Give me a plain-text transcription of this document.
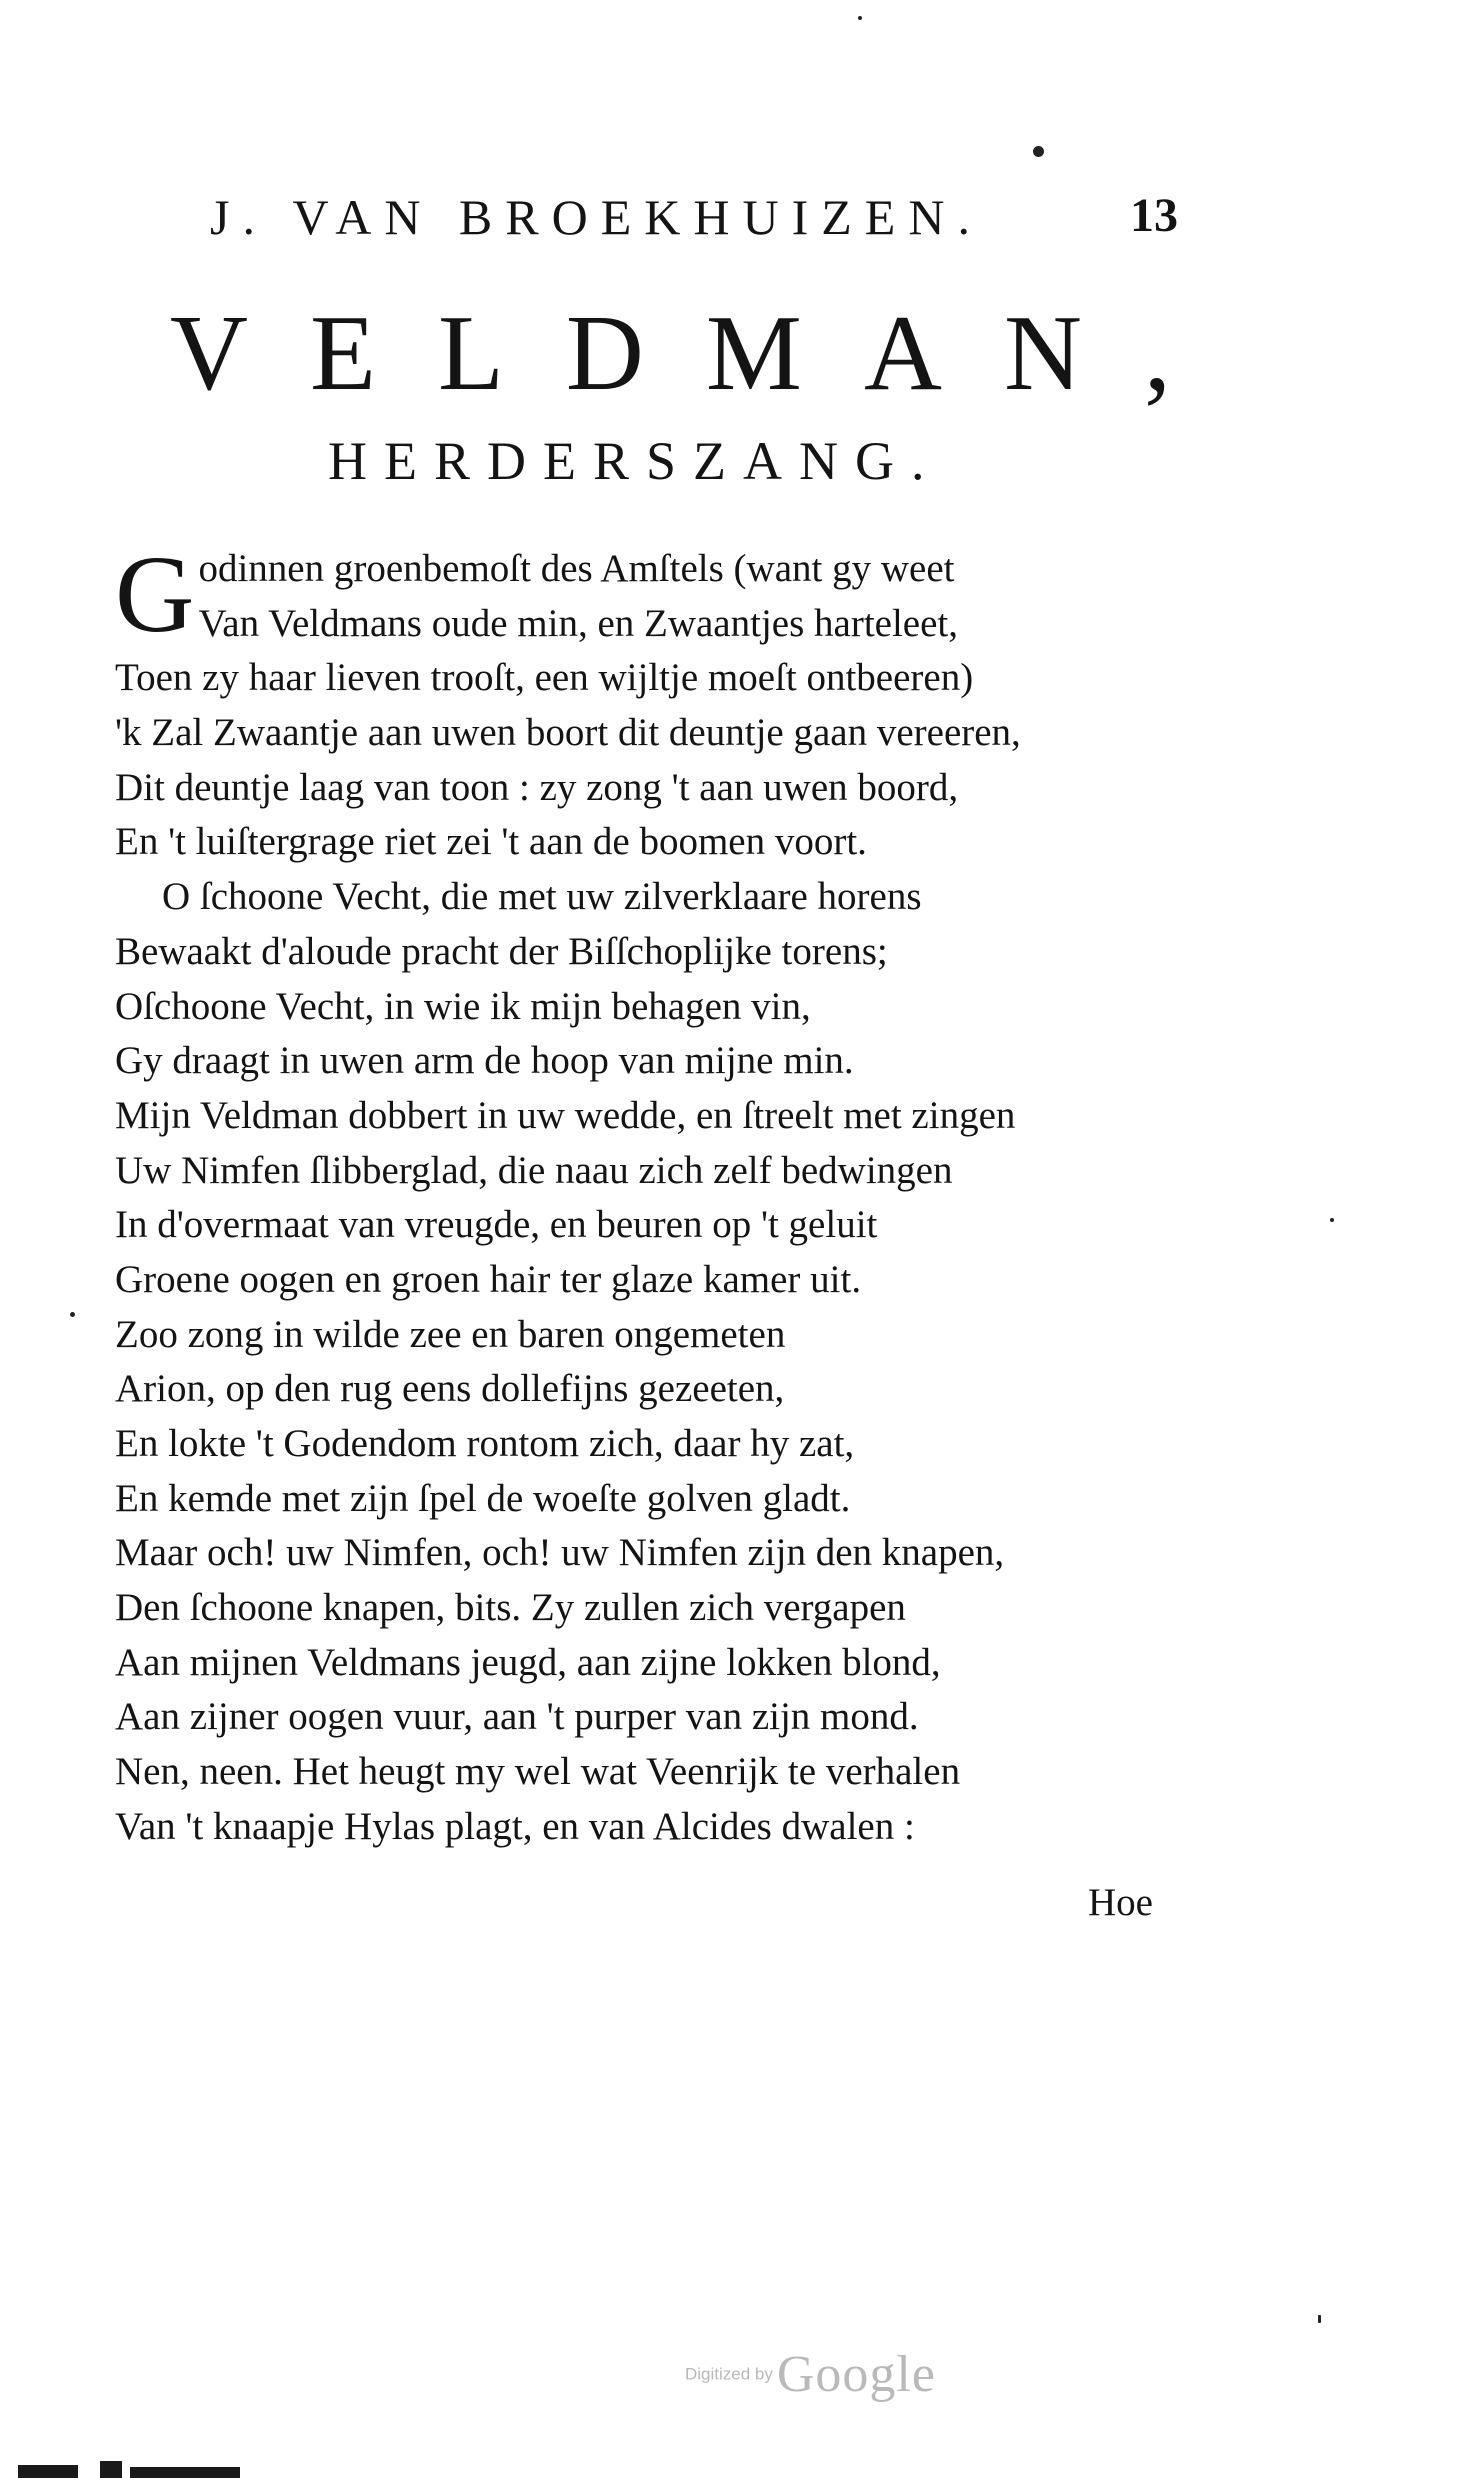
J. VAN BROEKHUIZEN.	13
VELDMAN,
HERDERSZANG.
Godinnen groenbemoſt des Amſtels (want gy weet
Van Veldmans oude min, en Zwaantjes harteleet,
Toen zy haar lieven trooſt, een wijltje moeſt ontbeeren)
'k Zal Zwaantje aan uwen boort dit deuntje gaan vereeren,
Dit deuntje laag van toon : zy zong 't aan uwen boord,
En 't luiſtergrage riet zei 't aan de boomen voort.
O ſchoone Vecht, die met uw zilverklaare horens
Bewaakt d'aloude pracht der Biſſchoplijke torens;
Oſchoone Vecht, in wie ik mijn behagen vin,
Gy draagt in uwen arm de hoop van mijne min.
Mijn Veldman dobbert in uw wedde, en ſtreelt met zingen
Uw Nimfen ſlibberglad, die naau zich zelf bedwingen
In d'overmaat van vreugde, en beuren op 't geluit
Groene oogen en groen hair ter glaze kamer uit.
Zoo zong in wilde zee en baren ongemeten
Arion, op den rug eens dollefijns gezeeten,
En lokte 't Godendom rontom zich, daar hy zat,
En kemde met zijn ſpel de woeſte golven gladt.
Maar och! uw Nimfen, och! uw Nimfen zijn den knapen,
Den ſchoone knapen, bits. Zy zullen zich vergapen
Aan mijnen Veldmans jeugd, aan zijne lokken blond,
Aan zijner oogen vuur, aan 't purper van zijn mond.
Nen, neen. Het heugt my wel wat Veenrijk te verhalen
Van 't knaapje Hylas plagt, en van Alcides dwalen :
Hoe
Digitized by Google
